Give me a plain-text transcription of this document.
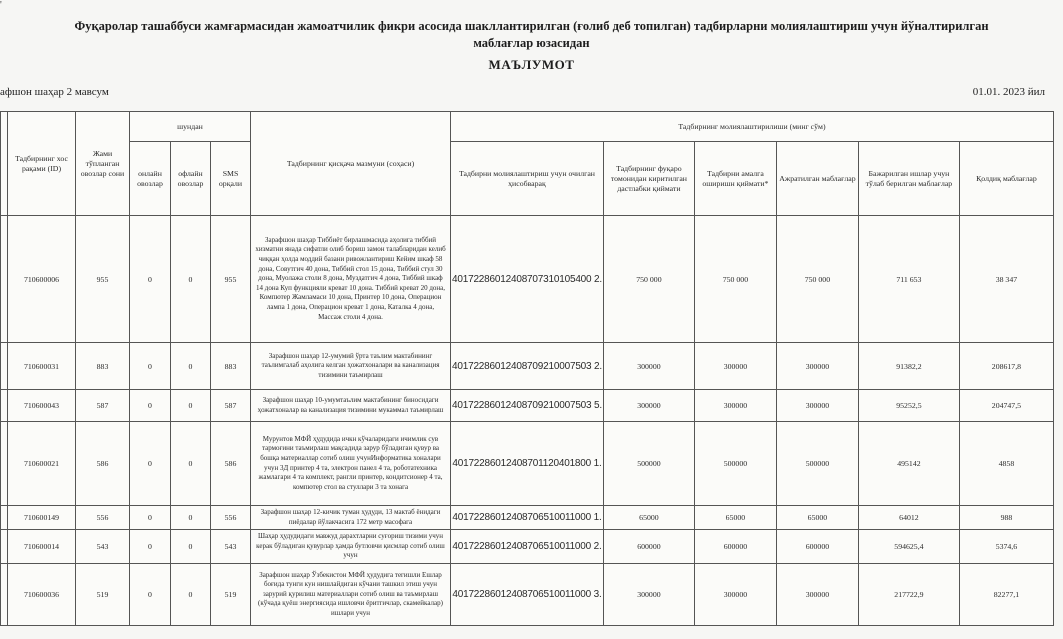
'
Фуқаролар ташаббуси жамғармасидан жамоатчилик фикри асосида шакллантирилган (ғолиб деб топилган) тадбирларни молиялаштириш учун йўналтирилган
маблағлар юзасидан
МАЪЛУМОТ
афшон шаҳар 2 мавсум	01.01. 2023 йил
	Тадбирнинг хос рақами (ID)	Жами тўпланган овозлар сони	шундан			Тадбирнинг қисқача мазмуни (соҳаси)	Тадбирнинг молиялаштирилиши (минг сўм)					
			онлайн овозлар	офлайн овозлар	SMS орқали		Тадбирни молиялаштириш учун очилган ҳисобварақ	Тадбирнинг фуқаро томонидан киритилган дастлабки қиймати	Тадбирни амалга оширишн қиймати*	Ажратилган маблағлар	Бажарилган ишлар учун тўлаб берилган маблағлар	Қолдиқ маблағлар
	710600006	955	0	0	955	Зарафшон шаҳар Тиббиёт бирлашмасида аҳолига тиббий хизматни янада сифатли олиб бориш замон талабларидан келиб чиққан ҳолда моддий базани ривожлантириш Кейим шкаф 58 дона, Совутгич 40 дона, Тиббий стол 15 дона, Тиббий стул 30 дона, Муолажа столи 8 дона, Муздатгич 4 дона, Тиббий шкаф 14 дона Куп функцияли креват 10 дона. Тиббий креват 20 дона, Компютер Жамламаси 10 дона, Принтер 10 дона, Операцион лампа 1 дона, Операцион креват 1 дона, Каталка 4 дона, Массаж столи 4 дона.	40172286012408707310105400 2.	750 000	750 000	750 000	711 653	38 347
	710600031	883	0	0	883	Зарафшон шаҳар 12-умумий ўрта таълим мактабининг таълимгалаб аҳолига келган ҳожатхоналари ва канализация тизимини таъмирлаш	40172286012408709210007503 2.	300000	300000	300000	91382,2	208617,8
	710600043	587	0	0	587	Зарафшон шаҳар 10-умумтаълим мактабининг биносидаги ҳожатхоналар ва канализация тизимини мукаммал таъмирлаш	40172286012408709210007503 5.	300000	300000	300000	95252,5	204747,5
	710600021	586	0	0	586	Мурунтов МФЙ ҳудудида ичкн кўчаларидаги ичимлик сув тармоғини таъмирлаш мақсадида зарур бўладиган қувур ва бошқа материаллар сотиб олиш учунИнформатика хоналари учун 3Д принтер 4 та, электрон панел 4 та, роботатехника жамлагари 4 та комплект, рангли принтер, кондитсионер 4 та, компютер стол ва стуллари 3 та хонага	40172286012408701120401800 1.	500000	500000	500000	495142	4858
	710600149	556	0	0	556	Зарафшон шаҳар 12-кичик туман ҳудуди, 13 мактаб ёнидаги пиёдалар йўлакчасига 172 метр масофага	40172286012408706510011000 1.	65000	65000	65000	64012	988
	710600014	543	0	0	543	Шаҳар ҳудудидаги мавжуд дарахтларни суғориш тизими учун керак бўладиган қувурлар ҳамда бутловчи қисмлар сотиб олиш учун	40172286012408706510011000 2.	600000	600000	600000	594625,4	5374,6
	710600036	519	0	0	519	Зарафшон шаҳар Ўзбекистон МФЙ ҳудудига тегишли Ешлар боғида тунги кун нишлайдиган кўчани ташкил этиш учун зарурий қурилиш материаллари сотиб олиш ва таъмирлаш (кўчада қуёш энергиясида ишловчи ёритгичлар, скамейкалар) ишлари учун	40172286012408706510011000 3.	300000	300000	300000	217722,9	82277,1
